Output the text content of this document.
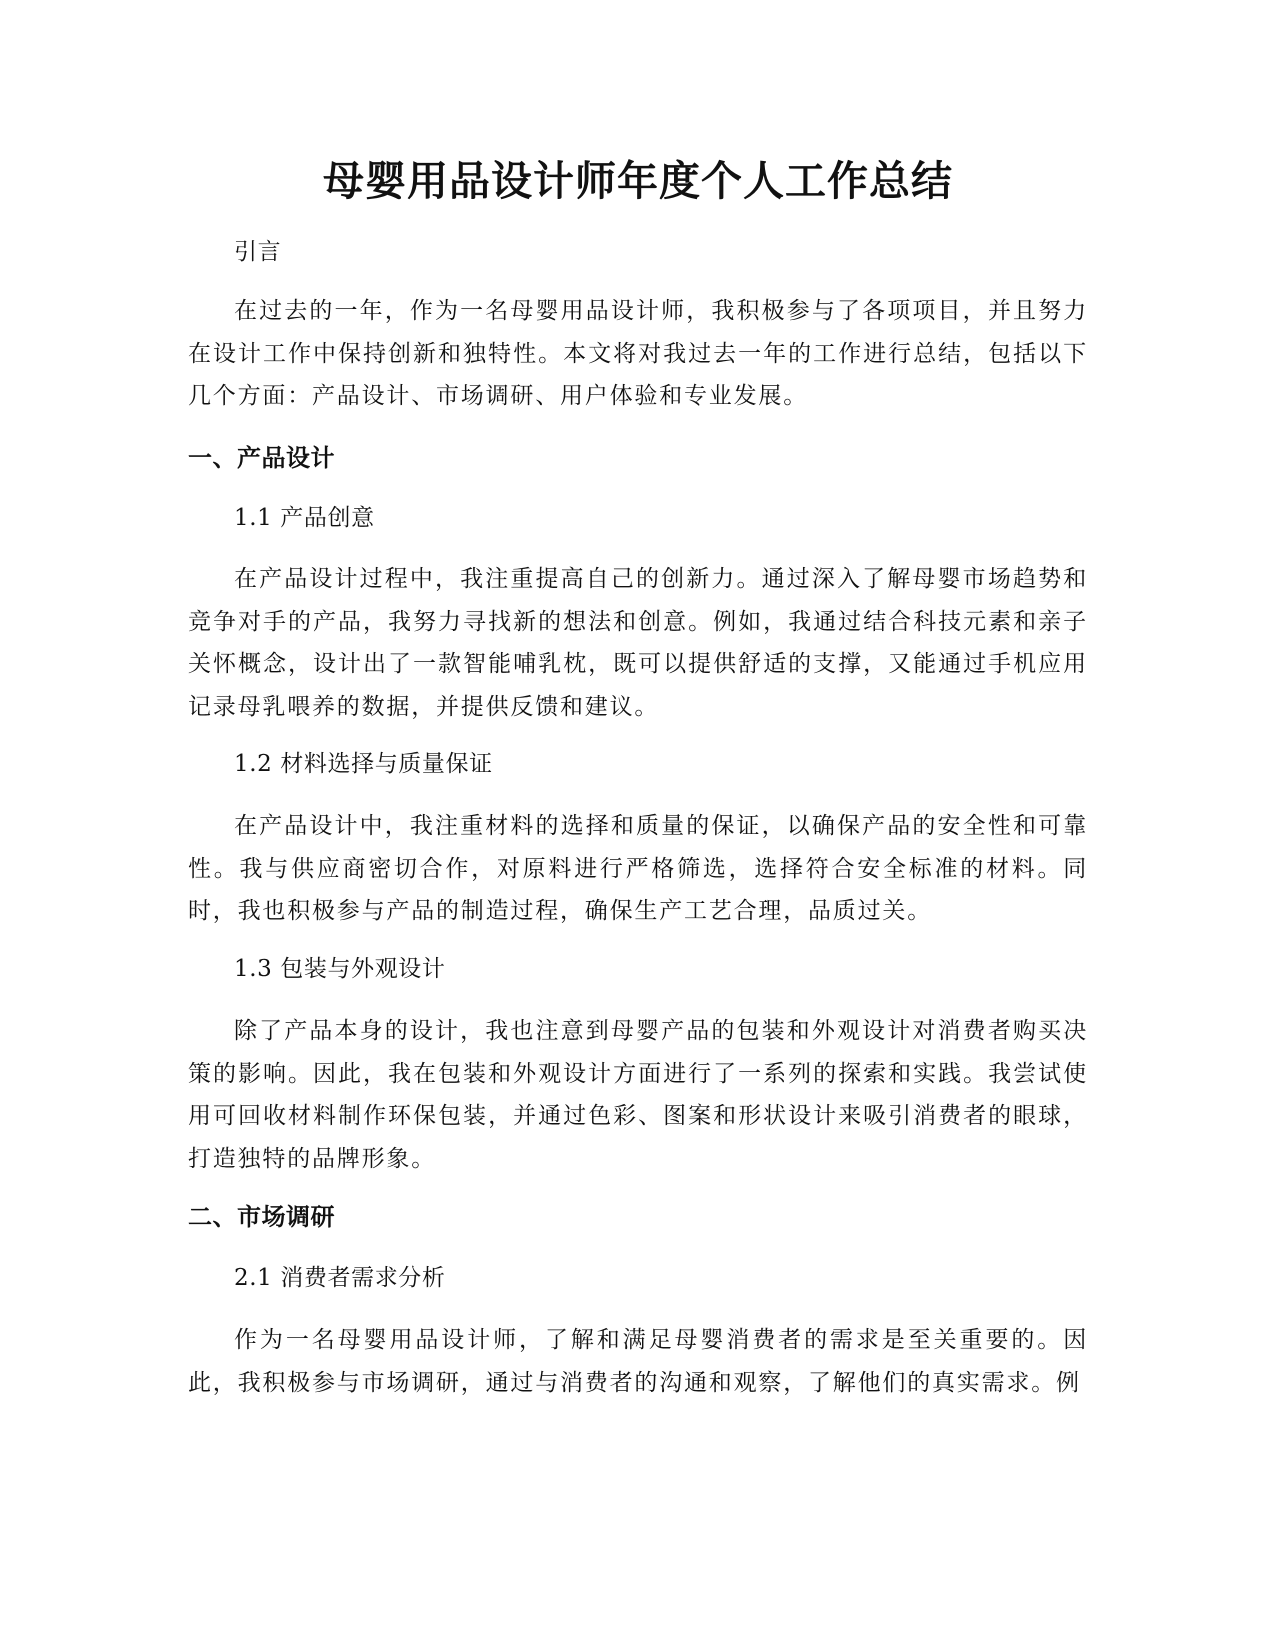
母婴用品设计师年度个人工作总结

引言

在过去的一年，作为一名母婴用品设计师，我积极参与了各项项目，并且努力在设计工作中保持创新和独特性。本文将对我过去一年的工作进行总结，包括以下几个方面：产品设计、市场调研、用户体验和专业发展。

一、产品设计

1.1 产品创意

在产品设计过程中，我注重提高自己的创新力。通过深入了解母婴市场趋势和竞争对手的产品，我努力寻找新的想法和创意。例如，我通过结合科技元素和亲子关怀概念，设计出了一款智能哺乳枕，既可以提供舒适的支撑，又能通过手机应用记录母乳喂养的数据，并提供反馈和建议。

1.2 材料选择与质量保证

在产品设计中，我注重材料的选择和质量的保证，以确保产品的安全性和可靠性。我与供应商密切合作，对原料进行严格筛选，选择符合安全标准的材料。同时，我也积极参与产品的制造过程，确保生产工艺合理，品质过关。

1.3 包装与外观设计

除了产品本身的设计，我也注意到母婴产品的包装和外观设计对消费者购买决策的影响。因此，我在包装和外观设计方面进行了一系列的探索和实践。我尝试使用可回收材料制作环保包装，并通过色彩、图案和形状设计来吸引消费者的眼球，打造独特的品牌形象。

二、市场调研

2.1 消费者需求分析

作为一名母婴用品设计师，了解和满足母婴消费者的需求是至关重要的。因此，我积极参与市场调研，通过与消费者的沟通和观察，了解他们的真实需求。例
